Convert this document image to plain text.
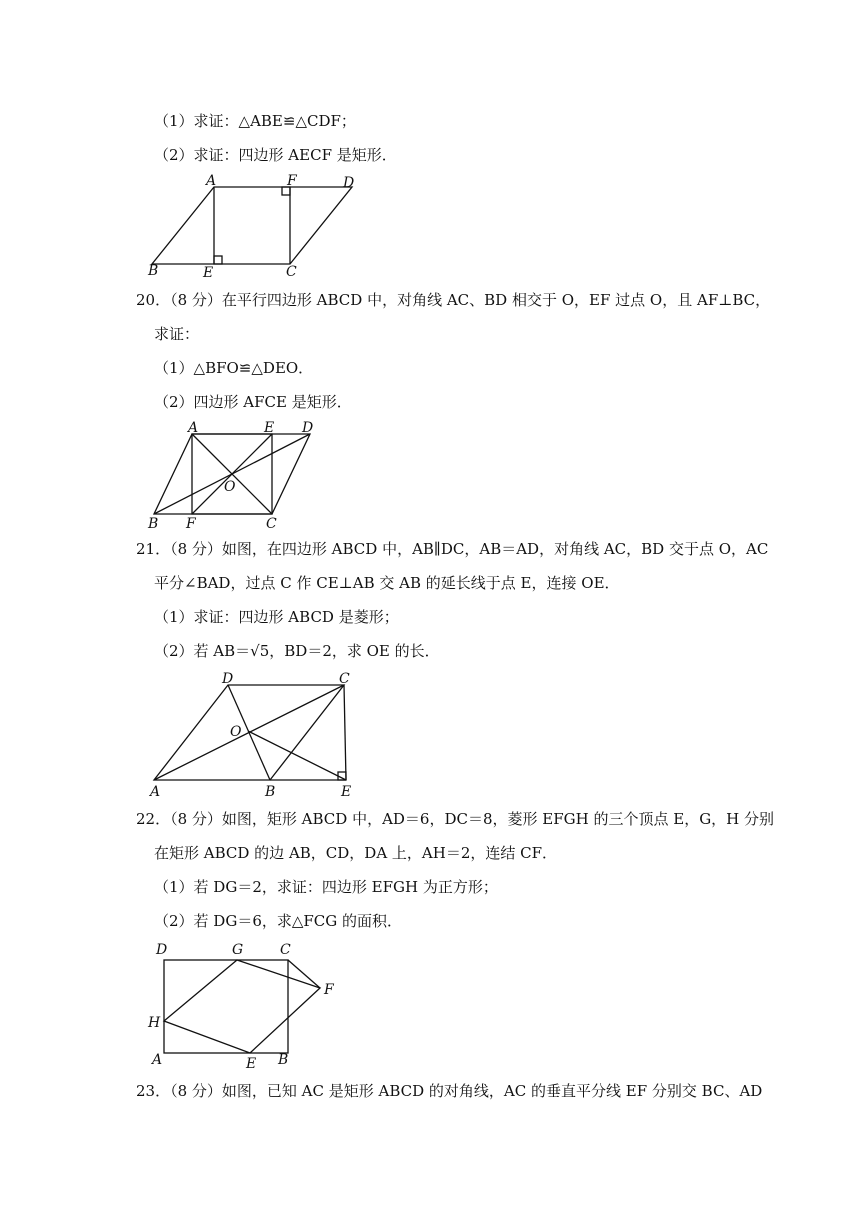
（1）求证：△ABE≌△CDF；
（2）求证：四边形 AECF 是矩形．
A	F	D
B	E	C
20．（8 分）在平行四边形 ABCD 中，对角线 AC、BD 相交于 O，EF 过点 O，且 AF⊥BC，
求证：
（1）△BFO≌△DEO．
（2）四边形 AFCE 是矩形．
A	E D
O
B F	C
21．（8 分）如图，在四边形 ABCD 中，AB∥DC，AB＝AD，对角线 AC，BD 交于点 O，AC
平分∠BAD，过点 C 作 CE⊥AB 交 AB 的延长线于点 E，连接 OE．
（1）求证：四边形 ABCD 是菱形；
（2）若 AB＝√5，BD＝2，求 OE 的长．
D	C
O
A	B	E
22．（8 分）如图，矩形 ABCD 中，AD＝6，DC＝8，菱形 EFGH 的三个顶点 E，G，H 分别
在矩形 ABCD 的边 AB，CD，DA 上，AH＝2，连结 CF．
（1）若 DG＝2，求证：四边形 EFGH 为正方形；
（2）若 DG＝6，求△FCG 的面积．
D	G	C
F
H
A	E B
23．（8 分）如图，已知 AC 是矩形 ABCD 的对角线，AC 的垂直平分线 EF 分别交 BC、AD
